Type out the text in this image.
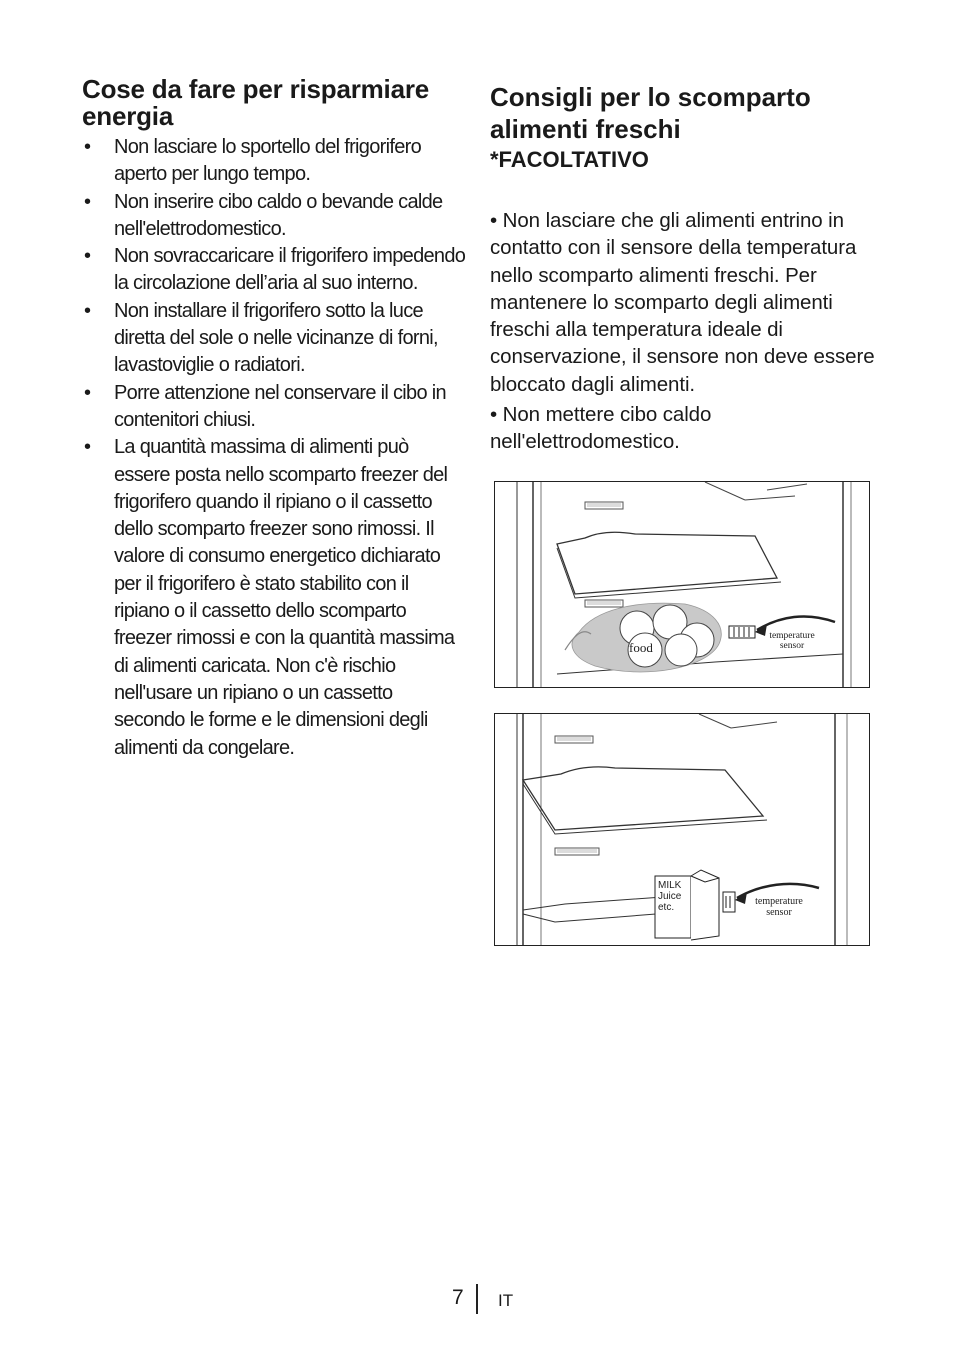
Cose da fare per risparmiare energia
• Non lasciare lo sportello del frigorifero aperto per lungo tempo.
• Non inserire cibo caldo o bevande calde nell'elettrodomestico.
• Non sovraccaricare il frigorifero impedendo la circolazione dell’aria al suo interno.
• Non installare il frigorifero sotto la luce diretta del sole o nelle vicinanze di forni, lavastoviglie o radiatori.
• Porre attenzione nel conservare il cibo in contenitori chiusi.
• La quantità massima di alimenti può essere posta nello scomparto freezer del frigorifero quando il ripiano o il cassetto dello scomparto freezer sono rimossi. Il valore di consumo energetico dichiarato per il frigorifero è stato stabilito con il ripiano o il cassetto dello scomparto freezer rimossi e con la quantità massima di alimenti caricata. Non c'è rischio nell'usare un ripiano o un cassetto secondo le forme e le dimensioni degli alimenti da congelare.
Consigli per lo scomparto alimenti freschi
*FACOLTATIVO

• Non lasciare che gli alimenti entrino in contatto con il sensore della temperatura nello scomparto alimenti freschi. Per mantenere lo scomparto degli alimenti freschi alla temperatura ideale di conservazione, il sensore non deve essere bloccato dagli alimenti.

• Non mettere cibo caldo nell'elettrodomestico.

food
temperature
sensor
MILK
Juice
etc.
temperature
sensor
7 IT
